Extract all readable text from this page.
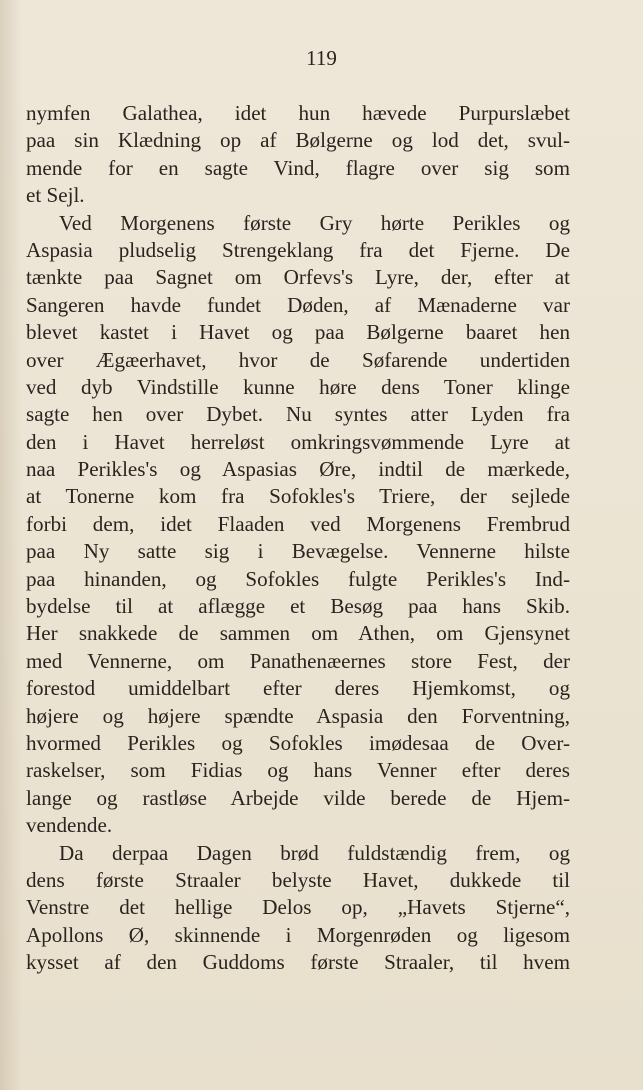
119

nymfen Galathea, idet hun hævede Purpurslæbet
paa sin Klædning op af Bølgerne og lod det, svul-
mende for en sagte Vind, flagre over sig som
et Sejl.
Ved Morgenens første Gry hørte Perikles og
Aspasia pludselig Strengeklang fra det Fjerne. De
tænkte paa Sagnet om Orfevs's Lyre, der, efter at
Sangeren havde fundet Døden, af Mænaderne var
blevet kastet i Havet og paa Bølgerne baaret hen
over Ægæerhavet, hvor de Søfarende undertiden
ved dyb Vindstille kunne høre dens Toner klinge
sagte hen over Dybet. Nu syntes atter Lyden fra
den i Havet herreløst omkringsvømmende Lyre at
naa Perikles's og Aspasias Øre, indtil de mærkede,
at Tonerne kom fra Sofokles's Triere, der sejlede
forbi dem, idet Flaaden ved Morgenens Frembrud
paa Ny satte sig i Bevægelse. Vennerne hilste
paa hinanden, og Sofokles fulgte Perikles's Ind-
bydelse til at aflægge et Besøg paa hans Skib.
Her snakkede de sammen om Athen, om Gjensynet
med Vennerne, om Panathenæernes store Fest, der
forestod umiddelbart efter deres Hjemkomst, og
højere og højere spændte Aspasia den Forventning,
hvormed Perikles og Sofokles imødesaa de Over-
raskelser, som Fidias og hans Venner efter deres
lange og rastløse Arbejde vilde berede de Hjem-
vendende.
Da derpaa Dagen brød fuldstændig frem, og
dens første Straaler belyste Havet, dukkede til
Venstre det hellige Delos op, „Havets Stjerne“,
Apollons Ø, skinnende i Morgenrøden og ligesom
kysset af den Guddoms første Straaler, til hvem
